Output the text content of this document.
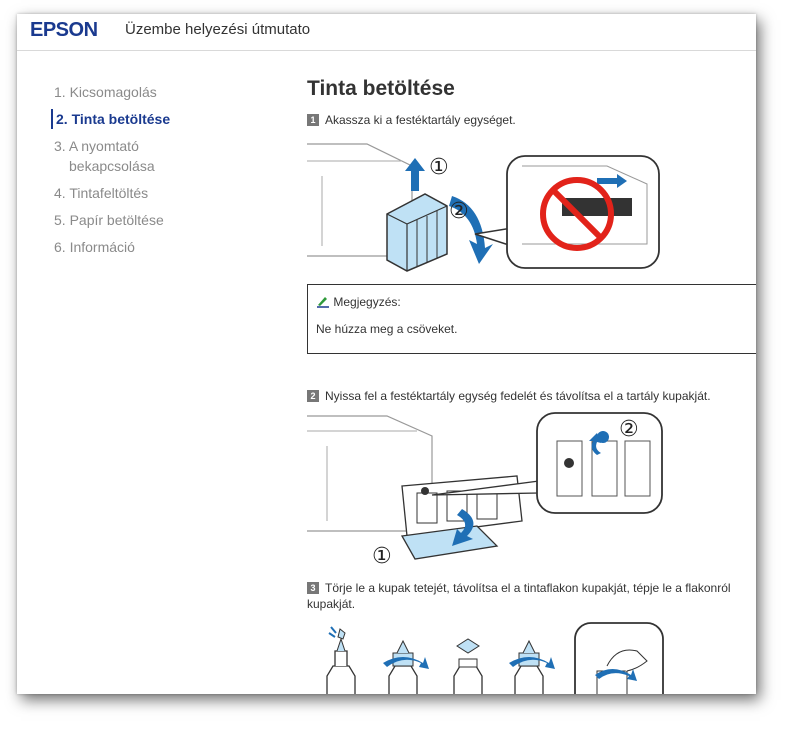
EPSON Üzembe helyezési útmutato
1. Kicsomagolás
2. Tinta betöltése
3. A nyomtató
bekapcsolása
4. Tintafeltöltés
5. Papír betöltése
6. Információ
Tinta betöltése
1 Akassza ki a festéktartály egységet.
①
②
Megjegyzés:
Ne húzza meg a csöveket.
2 Nyissa fel a festéktartály egység fedelét és távolítsa el a tartály kupakját.
①
②
3 Törje le a kupak tetejét, távolítsa el a tintaflakon kupakját, tépje le a flakonról
kupakját.
